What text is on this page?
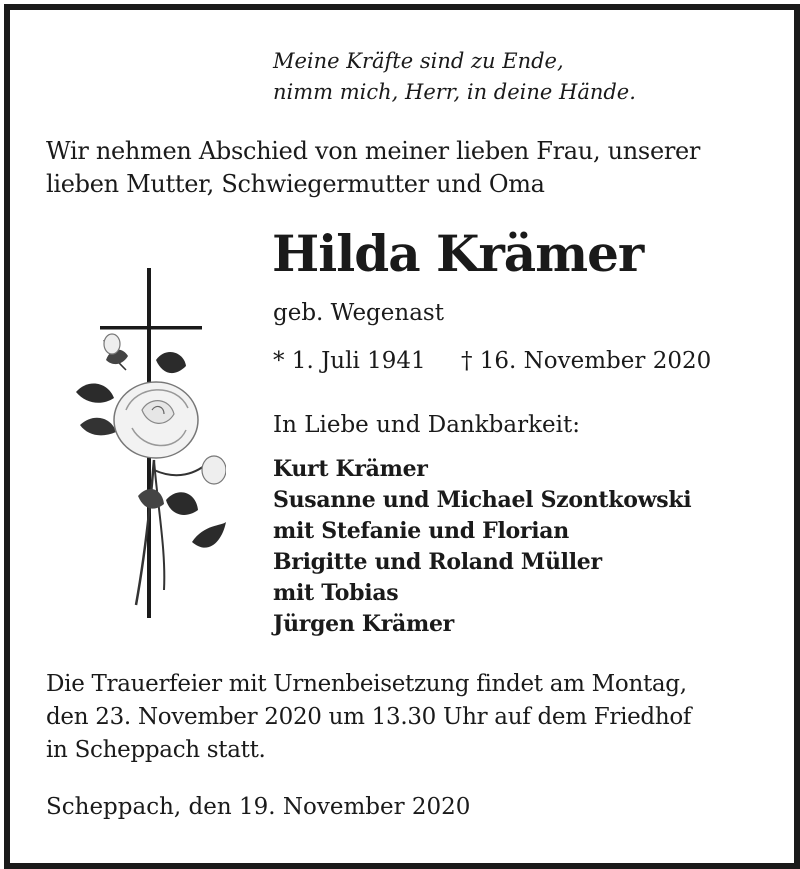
Meine Kräfte sind zu Ende,
nimm mich, Herr, in deine Hände.
Wir nehmen Abschied von meiner lieben Frau, unserer
lieben Mutter, Schwiegermutter und Oma
Hilda Krämer
geb. Wegenast
* 1. Juli 1941 † 16. November 2020
In Liebe und Dankbarkeit:
Kurt Krämer
Susanne und Michael Szontkowski
mit Stefanie und Florian
Brigitte und Roland Müller
mit Tobias
Jürgen Krämer
Die Trauerfeier mit Urnenbeisetzung findet am Montag,
den 23. November 2020 um 13.30 Uhr auf dem Friedhof
in Scheppach statt.
Scheppach, den 19. November 2020
